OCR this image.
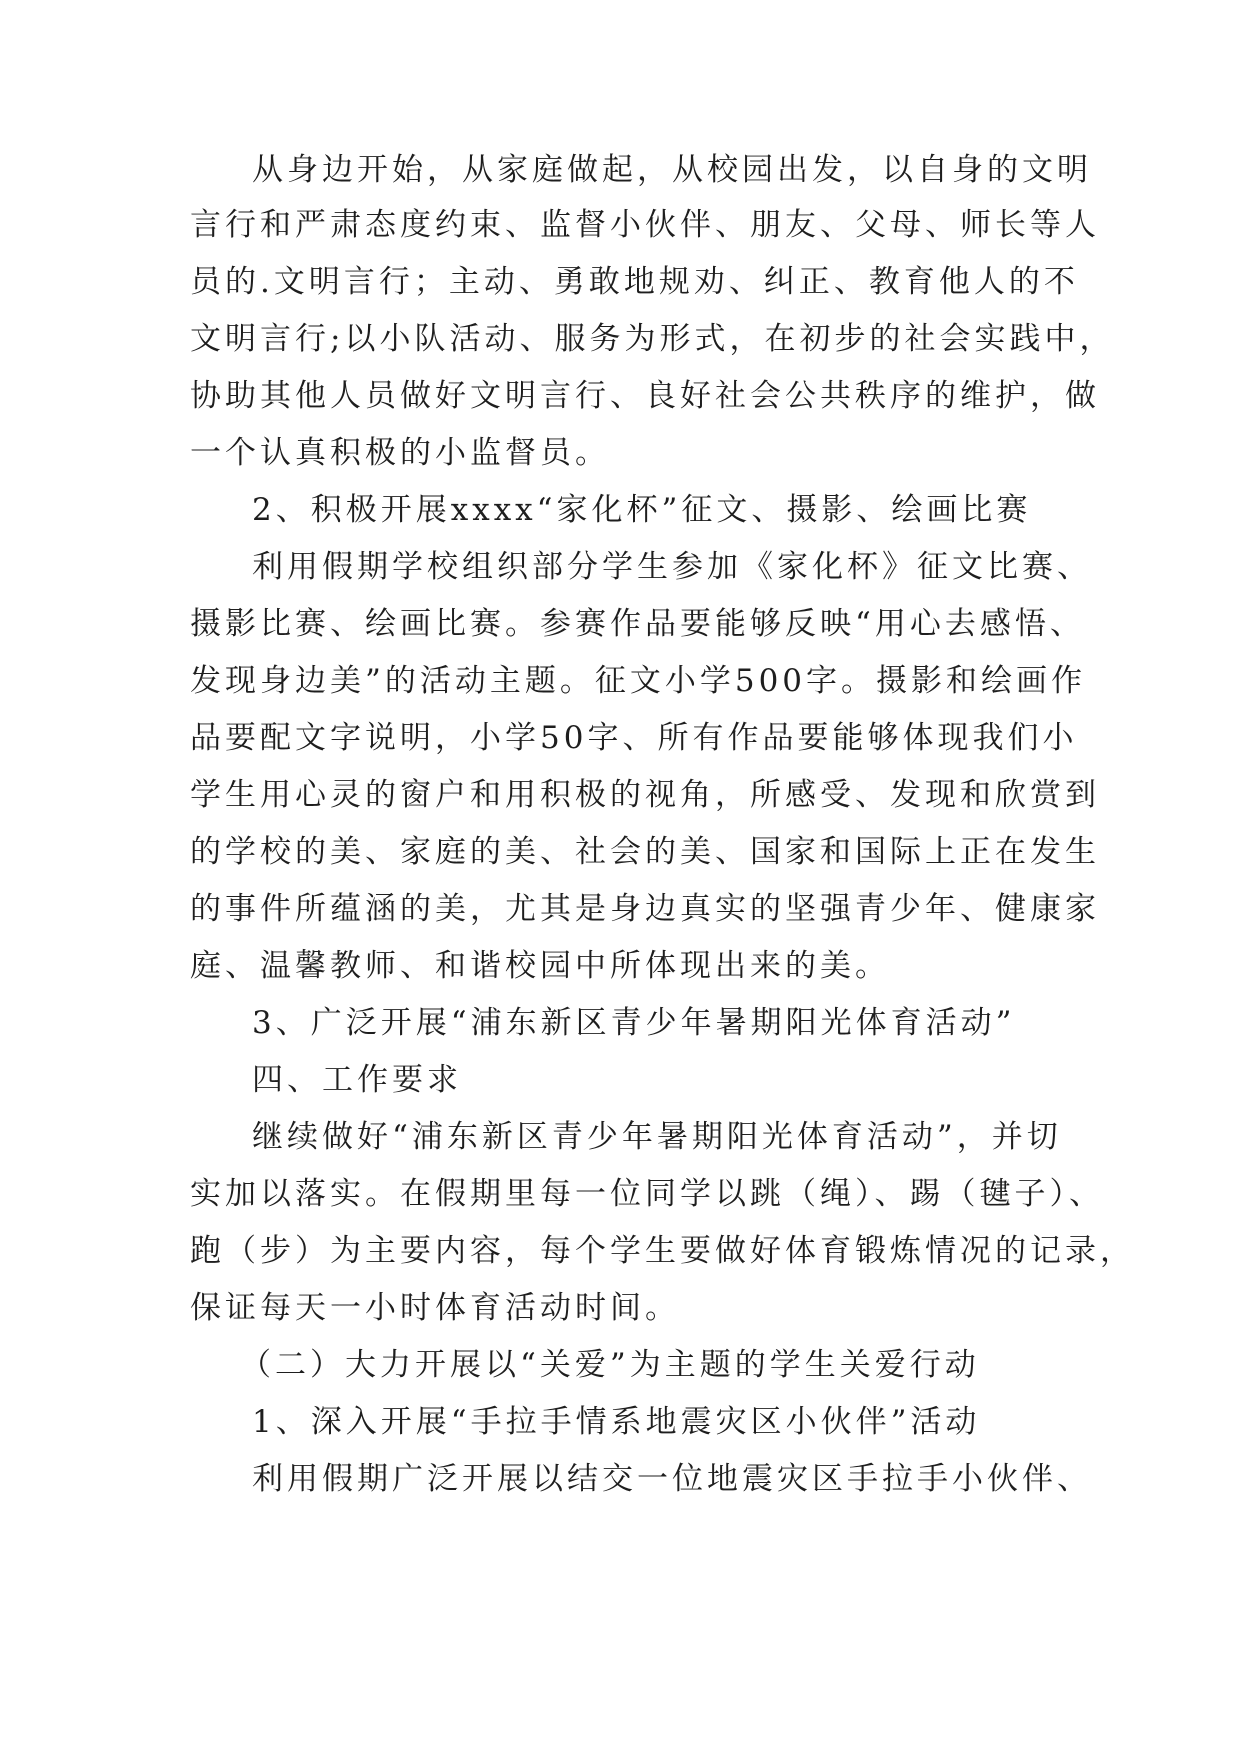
从身边开始，从家庭做起，从校园出发，以自身的文明
言行和严肃态度约束、监督小伙伴、朋友、父母、师长等人
员的.文明言行；主动、勇敢地规劝、纠正、教育他人的不
文明言行;以小队活动、服务为形式，在初步的社会实践中，
协助其他人员做好文明言行、良好社会公共秩序的维护，做
一个认真积极的小监督员。
2、积极开展xxxx“家化杯”征文、摄影、绘画比赛
利用假期学校组织部分学生参加《家化杯》征文比赛、
摄影比赛、绘画比赛。参赛作品要能够反映“用心去感悟、
发现身边美”的活动主题。征文小学500字。摄影和绘画作
品要配文字说明，小学50字、所有作品要能够体现我们小
学生用心灵的窗户和用积极的视角，所感受、发现和欣赏到
的学校的美、家庭的美、社会的美、国家和国际上正在发生
的事件所蕴涵的美，尤其是身边真实的坚强青少年、健康家
庭、温馨教师、和谐校园中所体现出来的美。
3、广泛开展“浦东新区青少年暑期阳光体育活动”
四、工作要求
继续做好“浦东新区青少年暑期阳光体育活动”，并切
实加以落实。在假期里每一位同学以跳（绳）、踢（毽子）、
跑（步）为主要内容，每个学生要做好体育锻炼情况的记录，
保证每天一小时体育活动时间。
（二）大力开展以“关爱”为主题的学生关爱行动
1、深入开展“手拉手情系地震灾区小伙伴”活动
利用假期广泛开展以结交一位地震灾区手拉手小伙伴、
